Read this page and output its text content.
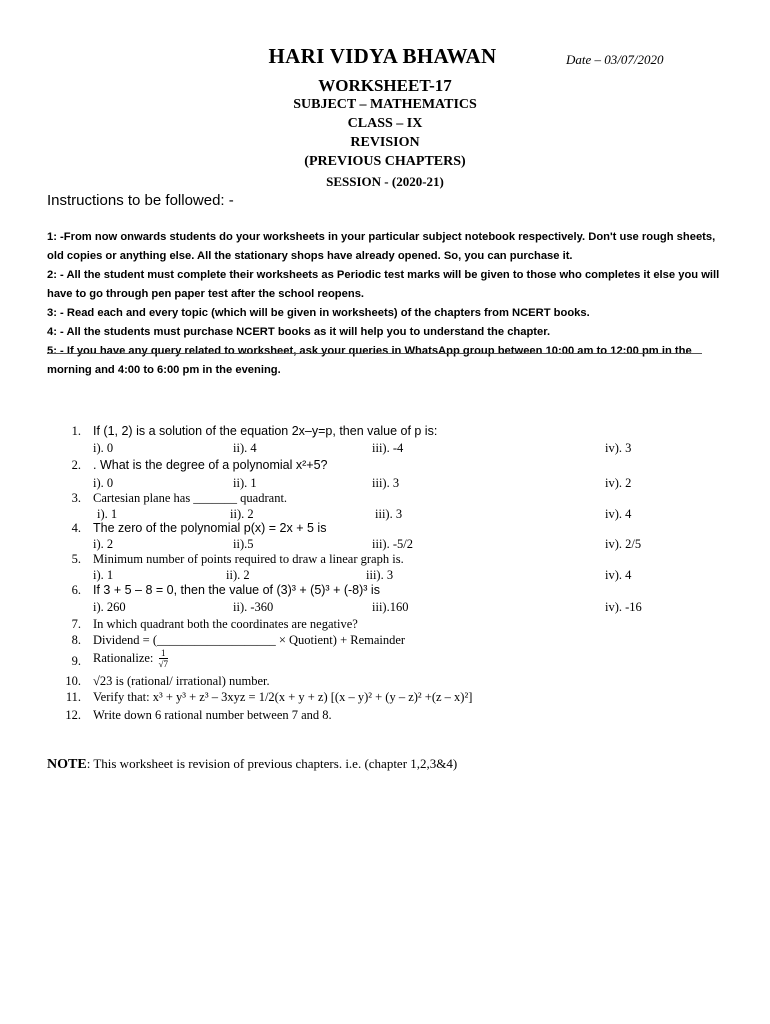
HARI VIDYA BHAWAN	Date – 03/07/2020
WORKSHEET-17
SUBJECT – MATHEMATICS
CLASS – IX
REVISION
(PREVIOUS CHAPTERS)
SESSION - (2020-21)
Instructions to be followed: -

1: -From now onwards students do your worksheets in your particular subject notebook respectively. Don't use rough sheets, old copies or anything else. All the stationary shops have already opened. So, you can purchase it.

2: - All the student must complete their worksheets as Periodic test marks will be given to those who completes it else you will have to go through pen paper test after the school reopens.

3: - Read each and every topic (which will be given in worksheets) of the chapters from NCERT books.

4: - All the students must purchase NCERT books as it will help you to understand the chapter.

5: - If you have any query related to worksheet, ask your queries in WhatsApp group between 10:00 am to 12:00 pm in the morning and 4:00 to 6:00 pm in the evening.

1. If (1, 2) is a solution of the equation 2x–y=p, then value of p is:
i). 0	ii). 4	iii). -4	iv). 3
2. . What is the degree of a polynomial x²+5?
i). 0	ii). 1	iii). 3	iv). 2
3. Cartesian plane has _______ quadrant.
i). 1	ii). 2	iii). 3	iv). 4
4. The zero of the polynomial p(x) = 2x + 5 is
i). 2	ii).5	iii). -5/2	iv). 2/5
5. Minimum number of points required to draw a linear graph is.
i). 1	ii). 2	iii). 3	iv). 4
6. If 3 + 5 – 8 = 0, then the value of (3)³ + (5)³ + (-8)³ is
i). 260	ii). -360	iii).160	iv). -16
7. In which quadrant both the coordinates are negative?
8. Dividend = (___________________ × Quotient) + Remainder
9. Rationalize: $\frac{1}{√7}$
10. √23 is (rational/ irrational) number.
11. Verify that: x³ + y³ + z³ – 3xyz = 1/2(x + y + z) [(x – y)² + (y – z)² +(z – x)²]
12. Write down 6 rational number between 7 and 8.
NOTE: This worksheet is revision of previous chapters. i.e. (chapter 1,2,3&4)
